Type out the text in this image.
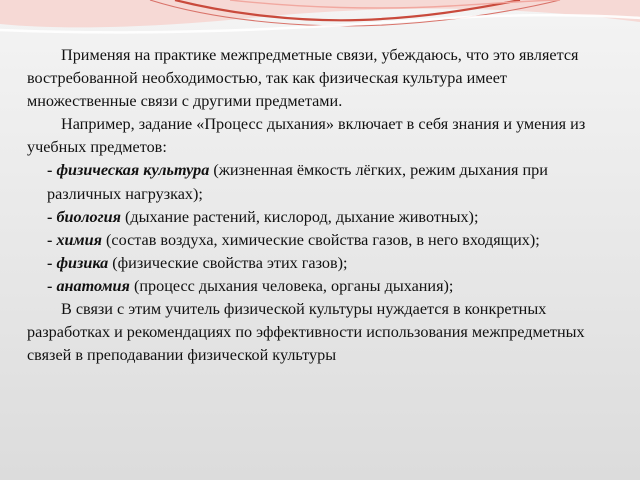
Применяя на практике межпредметные связи, убеждаюсь, что это является востребованной необходимостью, так как физическая культура имеет множественные связи с другими предметами.

Например, задание «Процесс дыхания» включает в себя знания и умения из учебных предметов:

- физическая культура (жизненная ёмкость лёгких, режим дыхания при различных нагрузках);

- биология (дыхание растений, кислород, дыхание животных);

- химия (состав воздуха, химические свойства газов, в него входящих);

- физика (физические свойства этих газов);

- анатомия (процесс дыхания человека, органы дыхания);

В связи с этим учитель физической культуры нуждается в конкретных разработках и рекомендациях по эффективности использования межпредметных связей в преподавании физической культуры
